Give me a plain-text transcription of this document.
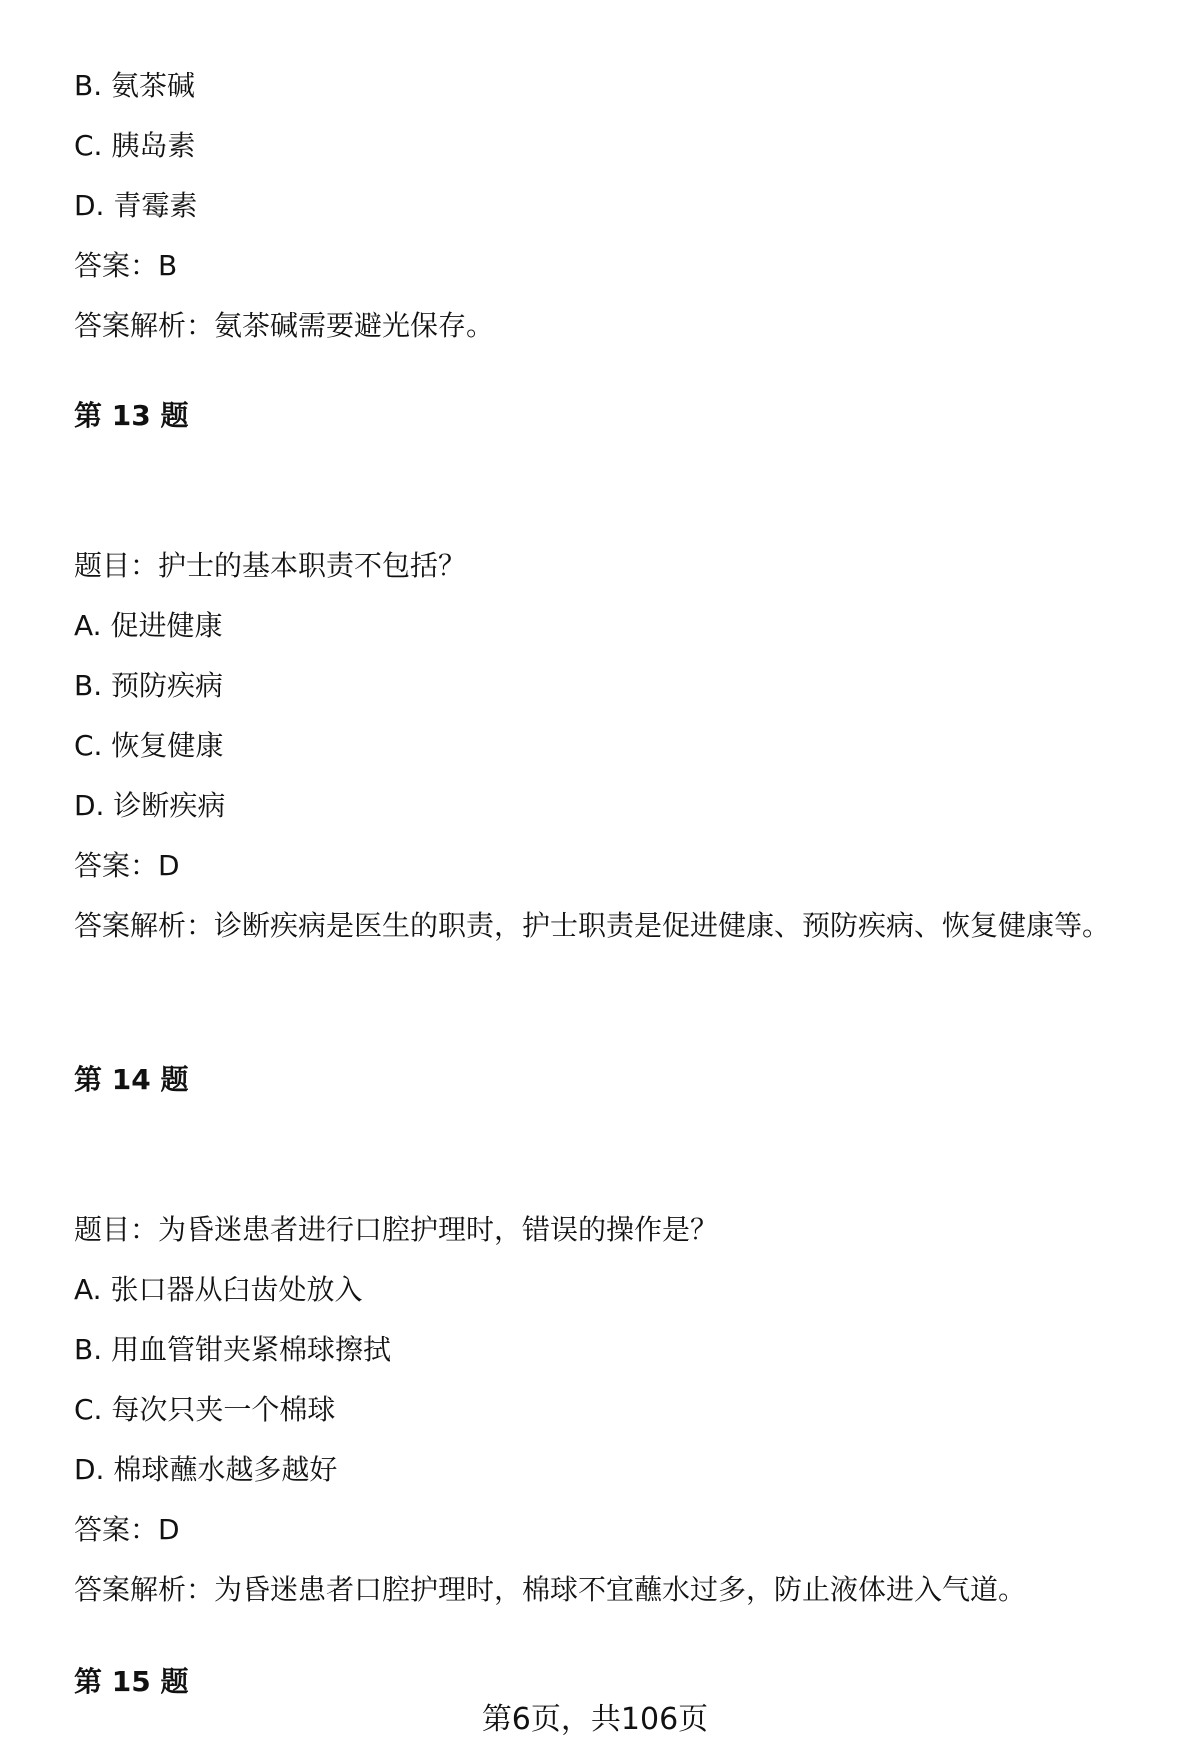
B. 氨茶碱
C. 胰岛素
D. 青霉素
答案：B
答案解析：氨茶碱需要避光保存。
第 13 题
题目：护士的基本职责不包括？
A. 促进健康
B. 预防疾病
C. 恢复健康
D. 诊断疾病
答案：D
答案解析：诊断疾病是医生的职责，护士职责是促进健康、预防疾病、恢复健康等。
第 14 题
题目：为昏迷患者进行口腔护理时，错误的操作是？
A. 张口器从臼齿处放入
B. 用血管钳夹紧棉球擦拭
C. 每次只夹一个棉球
D. 棉球蘸水越多越好
答案：D
答案解析：为昏迷患者口腔护理时，棉球不宜蘸水过多，防止液体进入气道。
第 15 题
第6页，共106页
